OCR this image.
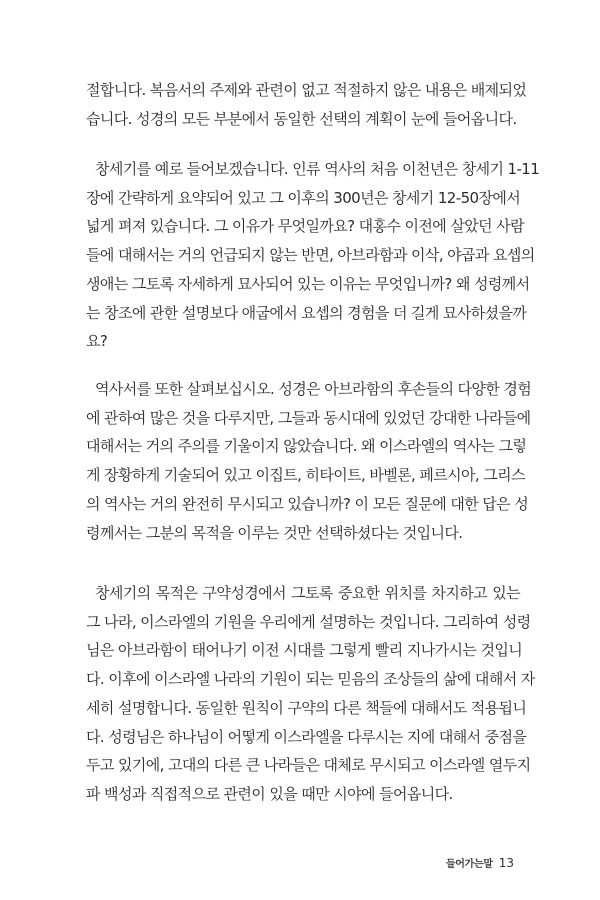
절합니다. 복음서의 주제와 관련이 없고 적절하지 않은 내용은 배제되었
습니다. 성경의 모든 부분에서 동일한 선택의 계획이 눈에 들어옵니다.
창세기를 예로 들어보겠습니다. 인류 역사의 처음 이천년은 창세기 1-11
장에 간략하게 요약되어 있고 그 이후의 300년은 창세기 12-50장에서
넓게 펴져 있습니다. 그 이유가 무엇일까요? 대홍수 이전에 살았던 사람
들에 대해서는 거의 언급되지 않는 반면, 아브라함과 이삭, 야곱과 요셉의
생애는 그토록 자세하게 묘사되어 있는 이유는 무엇입니까? 왜 성령께서
는 창조에 관한 설명보다 애굽에서 요셉의 경험을 더 길게 묘사하셨을까
요?
역사서를 또한 살펴보십시오. 성경은 아브라함의 후손들의 다양한 경험
에 관하여 많은 것을 다루지만, 그들과 동시대에 있었던 강대한 나라들에
대해서는 거의 주의를 기울이지 않았습니다. 왜 이스라엘의 역사는 그렇
게 장황하게 기술되어 있고 이집트, 히타이트, 바벨론, 페르시아, 그리스
의 역사는 거의 완전히 무시되고 있습니까? 이 모든 질문에 대한 답은 성
령께서는 그분의 목적을 이루는 것만 선택하셨다는 것입니다.
창세기의 목적은 구약성경에서 그토록 중요한 위치를 차지하고 있는
그 나라, 이스라엘의 기원을 우리에게 설명하는 것입니다. 그리하여 성령
님은 아브라함이 태어나기 이전 시대를 그렇게 빨리 지나가시는 것입니
다. 이후에 이스라엘 나라의 기원이 되는 믿음의 조상들의 삶에 대해서 자
세히 설명합니다. 동일한 원칙이 구약의 다른 책들에 대해서도 적용됩니
다. 성령님은 하나님이 어떻게 이스라엘을 다루시는 지에 대해서 중점을
두고 있기에, 고대의 다른 큰 나라들은 대체로 무시되고 이스라엘 열두지
파 백성과 직접적으로 관련이 있을 때만 시야에 들어옵니다.
들어가는말 13
